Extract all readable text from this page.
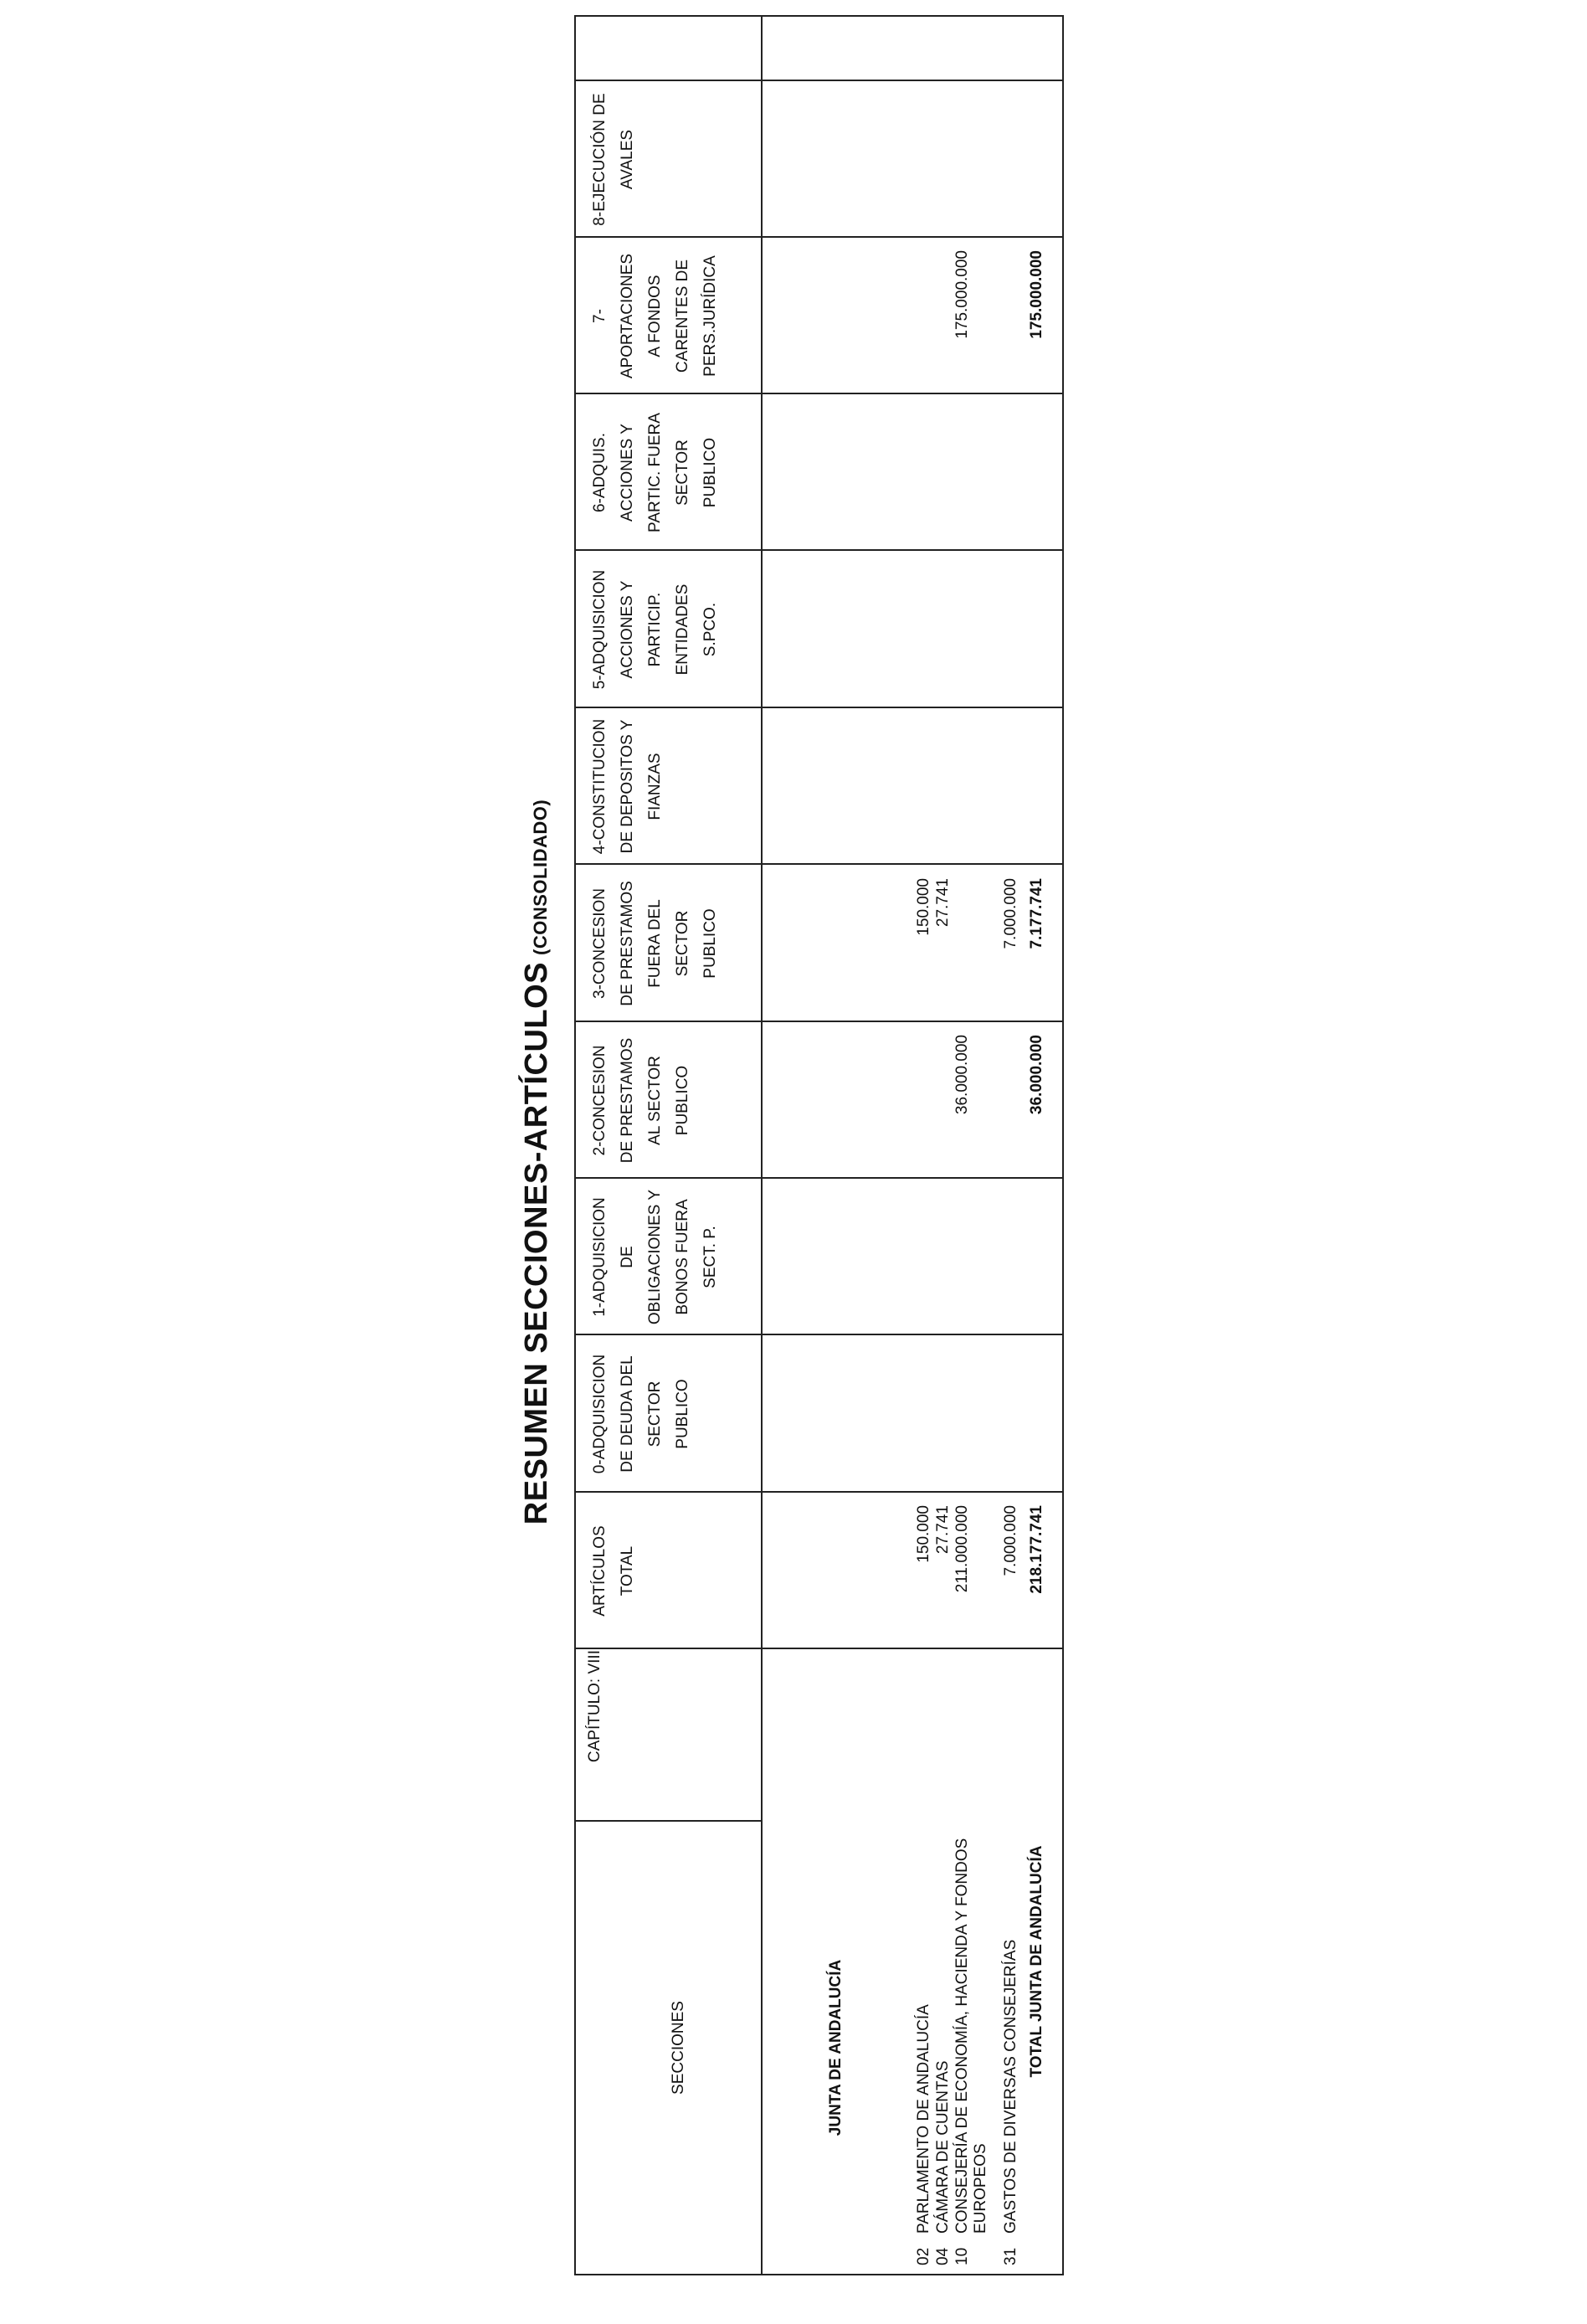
RESUMEN SECCIONES-ARTÍCULOS(CONSOLIDADO)
CAPÍTULO: VIII
SECCIONES
ARTÍCULOS TOTAL
0-ADQUISICION DE DEUDA DEL SECTOR PUBLICO
1-ADQUISICION DE OBLIGACIONES Y BONOS FUERA SECT. P.
2-CONCESION DE PRESTAMOS AL SECTOR PUBLICO
3-CONCESION DE PRESTAMOS FUERA DEL SECTOR PUBLICO
4-CONSTITUCION DE DEPOSITOS Y FIANZAS
5-ADQUISICION ACCIONES Y PARTICIP. ENTIDADES S.PCO.
6-ADQUIS. ACCIONES Y PARTIC. FUERA SECTOR PUBLICO
7- APORTACIONES A FONDOS CARENTES DE PERS.JURÍDICA
8-EJECUCIÓN DE AVALES
JUNTA DE ANDALUCÍA
02
PARLAMENTO DE ANDALUCÍA
150.000
150.000
04
CÁMARA DE CUENTAS
27.741
27.741
10
CONSEJERÍA DE ECONOMÍA, HACIENDA Y FONDOS EUROPEOS
211.000.000
36.000.000
175.000.000
31
GASTOS DE DIVERSAS CONSEJERÍAS
7.000.000
7.000.000
TOTAL JUNTA DE ANDALUCÍA
218.177.741
36.000.000
7.177.741
175.000.000
